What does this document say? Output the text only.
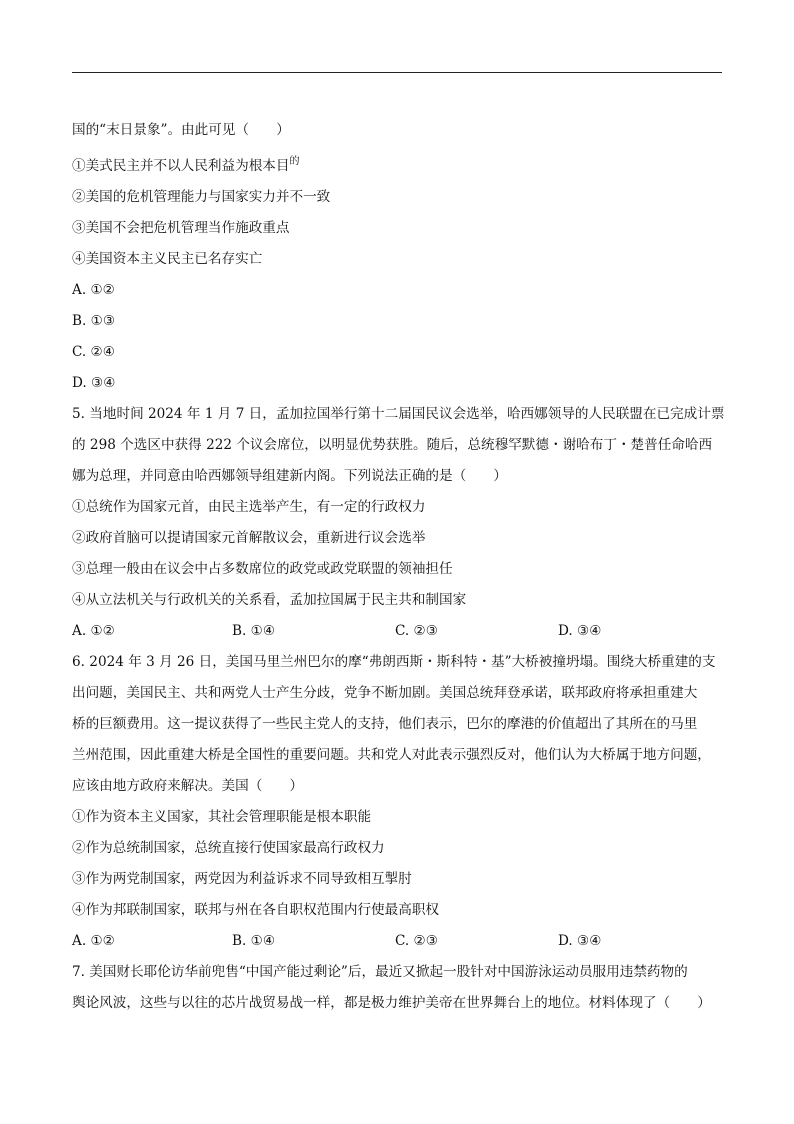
国的“末日景象”。由此可见（　　）
①美式民主并不以人民利益为根本目$^的$
②美国的危机管理能力与国家实力并不一致
③美国不会把危机管理当作施政重点
④美国资本主义民主已名存实亡
A. ①②
B. ①③
C. ②④
D. ③④
5. 当地时间 2024 年 1 月 7 日，孟加拉国举行第十二届国民议会选举，哈西娜领导的人民联盟在已完成计票
的 298 个选区中获得 222 个议会席位，以明显优势获胜。随后，总统穆罕默德・谢哈布丁・楚普任命哈西
娜为总理，并同意由哈西娜领导组建新内阁。下列说法正确的是（　　）
①总统作为国家元首，由民主选举产生，有一定的行政权力
②政府首脑可以提请国家元首解散议会，重新进行议会选举
③总理一般由在议会中占多数席位的政党或政党联盟的领袖担任
④从立法机关与行政机关的关系看，孟加拉国属于民主共和制国家
A. ①②	B. ①④	C. ②③	D. ③④
6. 2024 年 3 月 26 日，美国马里兰州巴尔的摩“弗朗西斯・斯科特・基”大桥被撞坍塌。围绕大桥重建的支
出问题，美国民主、共和两党人士产生分歧，党争不断加剧。美国总统拜登承诺，联邦政府将承担重建大
桥的巨额费用。这一提议获得了一些民主党人的支持，他们表示，巴尔的摩港的价值超出了其所在的马里
兰州范围，因此重建大桥是全国性的重要问题。共和党人对此表示强烈反对，他们认为大桥属于地方问题，
应该由地方政府来解决。美国（　　）
①作为资本主义国家，其社会管理职能是根本职能
②作为总统制国家，总统直接行使国家最高行政权力
③作为两党制国家，两党因为利益诉求不同导致相互掣肘
④作为邦联制国家，联邦与州在各自职权范围内行使最高职权
A. ①②	B. ①④	C. ②③	D. ③④
7. 美国财长耶伦访华前兜售“中国产能过剩论”后，最近又掀起一股针对中国游泳运动员服用违禁药物的
舆论风波，这些与以往的芯片战贸易战一样，都是极力维护美帝在世界舞台上的地位。材料体现了（　　）
